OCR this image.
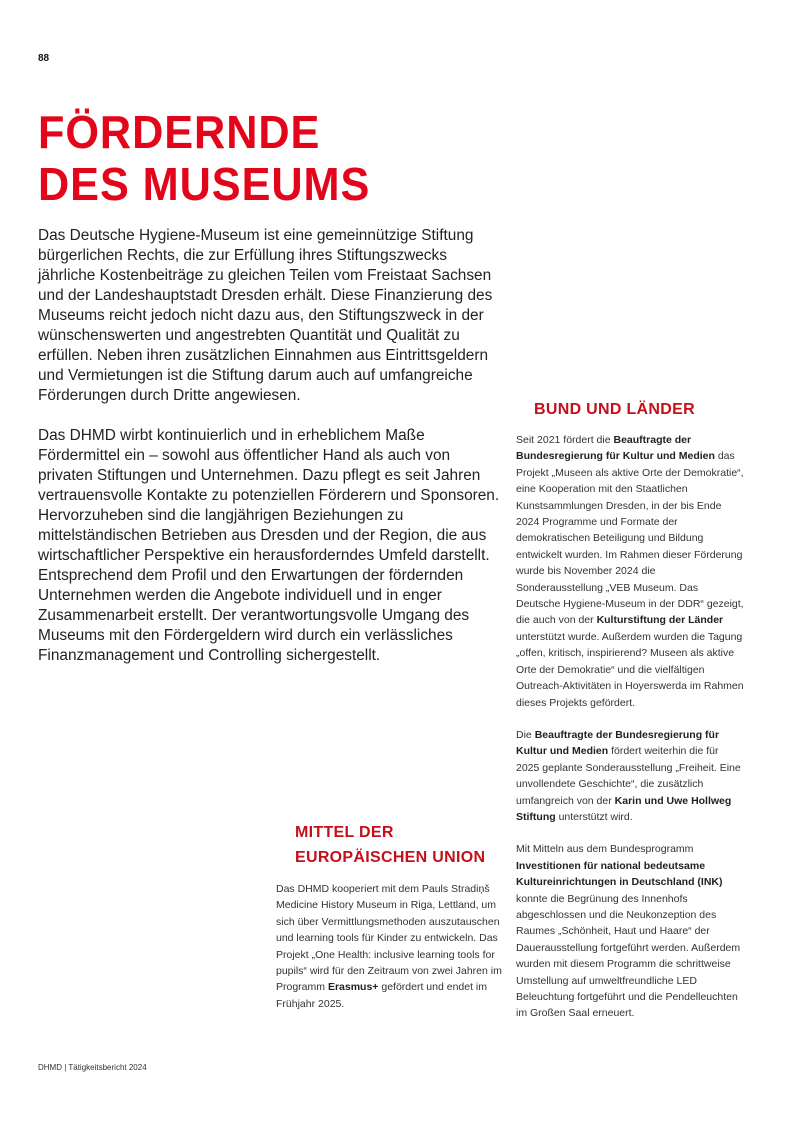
88
FÖRDERNDE
DES MUSEUMS

Das Deutsche Hygiene-Museum ist eine gemeinnützige Stiftung bürgerlichen Rechts, die zur Erfüllung ihres Stiftungszwecks jährliche Kostenbeiträge zu gleichen Teilen vom Freistaat Sachsen und der Landeshauptstadt Dresden erhält. Diese Finanzierung des Museums reicht jedoch nicht dazu aus, den Stiftungszweck in der wünschenswerten und angestrebten Quantität und Qualität zu erfüllen. Neben ihren zusätzlichen Einnahmen aus Eintrittsgeldern und Vermietungen ist die Stiftung darum auch auf umfangreiche Förderungen durch Dritte angewiesen.

Das DHMD wirbt kontinuierlich und in erheblichem Maße Fördermittel ein – sowohl aus öffentlicher Hand als auch von privaten Stiftungen und Unternehmen. Dazu pflegt es seit Jahren vertrauensvolle Kontakte zu potenziellen Förderern und Sponsoren. Hervorzuheben sind die langjährigen Beziehungen zu mittelständischen Betrieben aus Dresden und der Region, die aus wirtschaftlicher Perspektive ein herausforderndes Umfeld darstellt. Entsprechend dem Profil und den Erwartungen der fördernden Unternehmen werden die Angebote individuell und in enger Zusammenarbeit erstellt. Der verantwortungsvolle Umgang des Museums mit den Fördergeldern wird durch ein verlässliches Finanzmanagement und Controlling sichergestellt.

BUND UND LÄNDER

Seit 2021 fördert die Beauftragte der Bundesregierung für Kultur und Medien das Projekt „Museen als aktive Orte der Demokratie“, eine Kooperation mit den Staatlichen Kunstsammlungen Dresden, in der bis Ende 2024 Programme und Formate der demokratischen Beteiligung und Bildung entwickelt wurden. Im Rahmen dieser Förderung wurde bis November 2024 die Sonderausstellung „VEB Museum. Das Deutsche Hygiene-Museum in der DDR“ gezeigt, die auch von der Kulturstiftung der Länder unterstützt wurde. Außerdem wurden die Tagung „offen, kritisch, inspirierend? Museen als aktive Orte der Demokratie“ und die vielfältigen Outreach-Aktivitäten in Hoyerswerda im Rahmen dieses Projekts gefördert.

Die Beauftragte der Bundesregierung für Kultur und Medien fördert weiterhin die für 2025 geplante Sonderausstellung „Freiheit. Eine unvollendete Geschichte“, die zusätzlich umfangreich von der Karin und Uwe Hollweg Stiftung unterstützt wird.

Mit Mitteln aus dem Bundesprogramm Investitionen für national bedeutsame Kultureinrichtungen in Deutschland (INK) konnte die Begrünung des Innenhofs abgeschlossen und die Neukonzeption des Raumes „Schönheit, Haut und Haare“ der Dauerausstellung fortgeführt werden. Außerdem wurden mit diesem Programm die schrittweise Umstellung auf umweltfreundliche LED Beleuchtung fortgeführt und die Pendelleuchten im Großen Saal erneuert.

MITTEL DER
EUROPÄISCHEN UNION

Das DHMD kooperiert mit dem Pauls Stradiņš Medicine History Museum in Riga, Lettland, um sich über Vermittlungsmethoden auszutauschen und learning tools für Kinder zu entwickeln. Das Projekt „One Health: inclusive learning tools for pupils“ wird für den Zeitraum von zwei Jahren im Programm Erasmus+ gefördert und endet im Frühjahr 2025.

DHMD | Tätigkeitsbericht 2024
